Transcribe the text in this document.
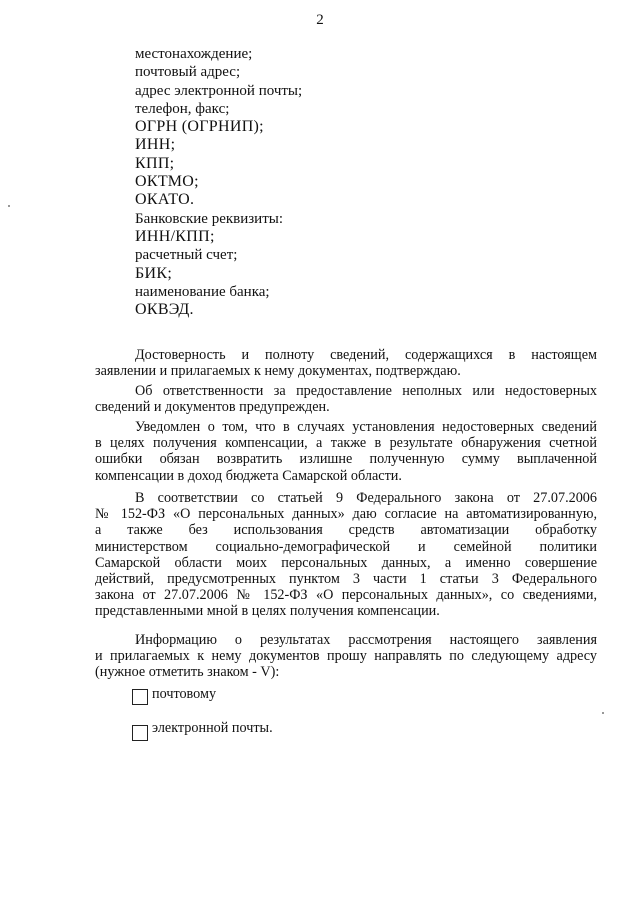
2
местонахождение;
почтовый адрес;
адрес электронной почты;
телефон, факс;
ОГРН (ОГРНИП);
ИНН;
КПП;
ОКТМО;
ОКАТО.
Банковские реквизиты:
ИНН/КПП;
расчетный счет;
БИК;
наименование банка;
ОКВЭД.
Достоверность и полноту сведений, содержащихся в настоящем
заявлении и прилагаемых к нему документах, подтверждаю.
Об ответственности за предоставление неполных или недостоверных
сведений и документов предупрежден.
Уведомлен о том, что в случаях установления недостоверных сведений
в целях получения компенсации, а также в результате обнаружения счетной
ошибки обязан возвратить излишне полученную сумму выплаченной
компенсации в доход бюджета Самарской области.
В соответствии со статьей 9 Федерального закона от 27.07.2006
№ 152-ФЗ «О персональных данных» даю согласие на автоматизированную,
а также без использования средств автоматизации обработку
министерством социально-демографической и семейной политики
Самарской области моих персональных данных, а именно совершение
действий, предусмотренных пунктом 3 части 1 статьи 3 Федерального
закона от 27.07.2006 № 152-ФЗ «О персональных данных», со сведениями,
представленными мной в целях получения компенсации.
Информацию о результатах рассмотрения настоящего заявления
и прилагаемых к нему документов прошу направлять по следующему адресу
(нужное отметить знаком - V):
почтовому
электронной почты.
